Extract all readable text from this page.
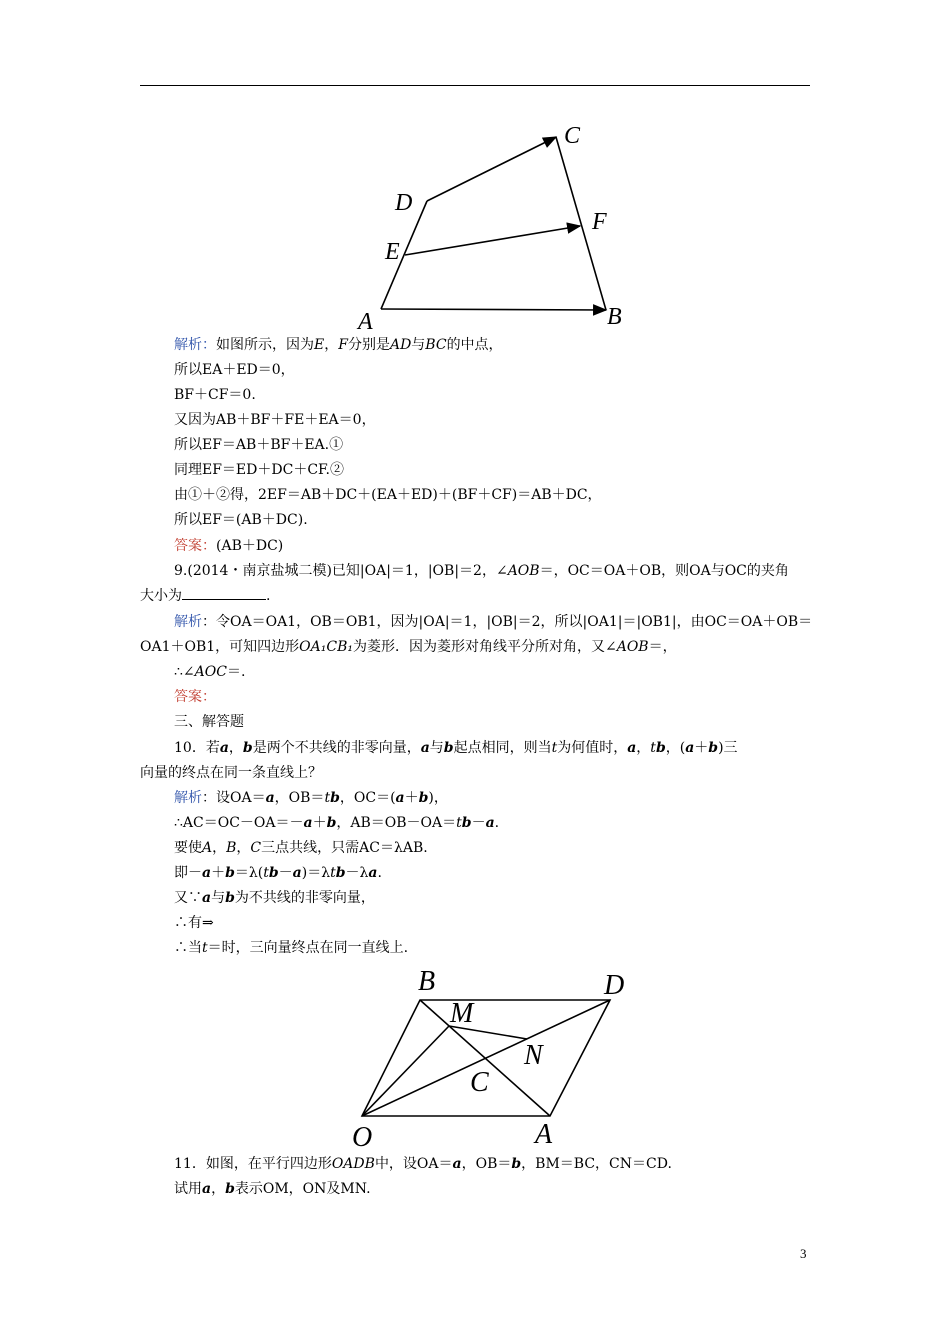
C
D
F
E
A	B
解析：如图所示，因为E，F分别是AD与BC的中点，
所以EA＋ED＝0，
BF＋CF＝0.
又因为AB＋BF＋FE＋EA＝0，
所以EF＝AB＋BF＋EA.①
同理EF＝ED＋DC＋CF.②
由①＋②得，2EF＝AB＋DC＋(EA＋ED)＋(BF＋CF)＝AB＋DC，
所以EF＝(AB＋DC).
答案：(AB＋DC)
9.(2014・南京盐城二模)已知|OA|＝1，|OB|＝2，∠AOB＝，OC＝OA＋OB，则OA与OC的夹角
大小为	.
解析：令OA＝OA1，OB＝OB1，因为|OA|＝1，|OB|＝2，所以|OA1|＝|OB1|，由OC＝OA＋OB＝
OA1＋OB1，可知四边形OA₁CB₁为菱形．因为菱形对角线平分所对角，又∠AOB＝，
∴∠AOC＝.
答案：
三、解答题
10．若a，b是两个不共线的非零向量，a与b起点相同，则当t为何值时，a，tb，(a＋b)三
向量的终点在同一条直线上？
解析：设OA＝a，OB＝tb，OC＝(a＋b)，
∴AC＝OC－OA＝－a＋b，AB＝OB－OA＝tb－a.
要使A，B，C三点共线，只需AC＝λAB.
即－a＋b＝λ(tb－a)＝λtb－λa.
又∵a与b为不共线的非零向量，
∴有⇒
∴当t＝时，三向量终点在同一直线上.
B	D
M
N
C
O	A
11．如图，在平行四边形OADB中，设OA＝a，OB＝b，BM＝BC，CN＝CD.
试用a，b表示OM，ON及MN.
3
